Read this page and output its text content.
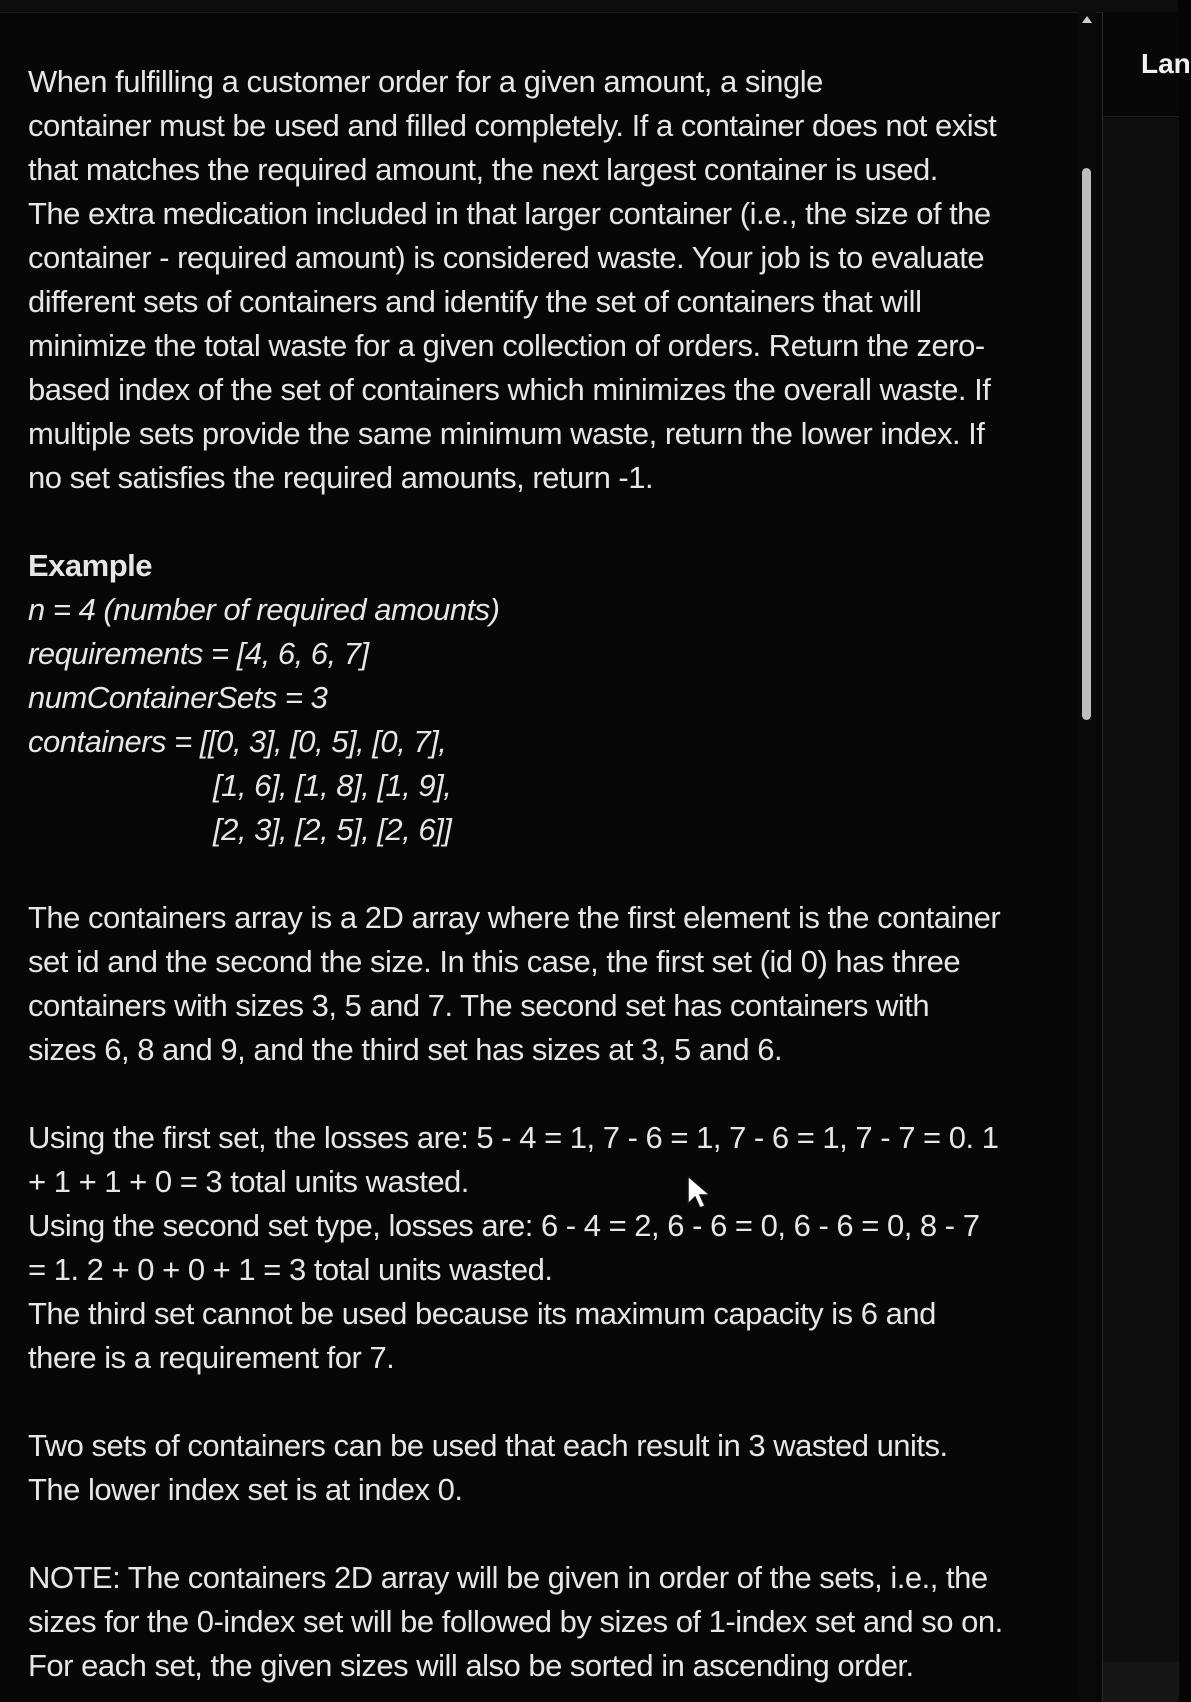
When fulfilling a customer order for a given amount, a single

container must be used and filled completely. If a container does not exist

that matches the required amount, the next largest container is used.

The extra medication included in that larger container (i.e., the size of the

container - required amount) is considered waste. Your job is to evaluate

different sets of containers and identify the set of containers that will

minimize the total waste for a given collection of orders. Return the zero-

based index of the set of containers which minimizes the overall waste. If

multiple sets provide the same minimum waste, return the lower index. If

no set satisfies the required amounts, return -1.

Example

n = 4 (number of required amounts)

requirements = [4, 6, 6, 7]

numContainerSets = 3

containers = [[0, 3], [0, 5], [0, 7],

[1, 6], [1, 8], [1, 9],

[2, 3], [2, 5], [2, 6]]

The containers array is a 2D array where the first element is the container

set id and the second the size. In this case, the first set (id 0) has three

containers with sizes 3, 5 and 7. The second set has containers with

sizes 6, 8 and 9, and the third set has sizes at 3, 5 and 6.

Using the first set, the losses are: 5 - 4 = 1, 7 - 6 = 1, 7 - 6 = 1, 7 - 7 = 0. 1

+ 1 + 1 + 0 = 3 total units wasted.

Using the second set type, losses are: 6 - 4 = 2, 6 - 6 = 0, 6 - 6 = 0, 8 - 7

= 1. 2 + 0 + 0 + 1 = 3 total units wasted.

The third set cannot be used because its maximum capacity is 6 and

there is a requirement for 7.

Two sets of containers can be used that each result in 3 wasted units.

The lower index set is at index 0.

NOTE: The containers 2D array will be given in order of the sets, i.e., the

sizes for the 0-index set will be followed by sizes of 1-index set and so on.

For each set, the given sizes will also be sorted in ascending order.

Lan
